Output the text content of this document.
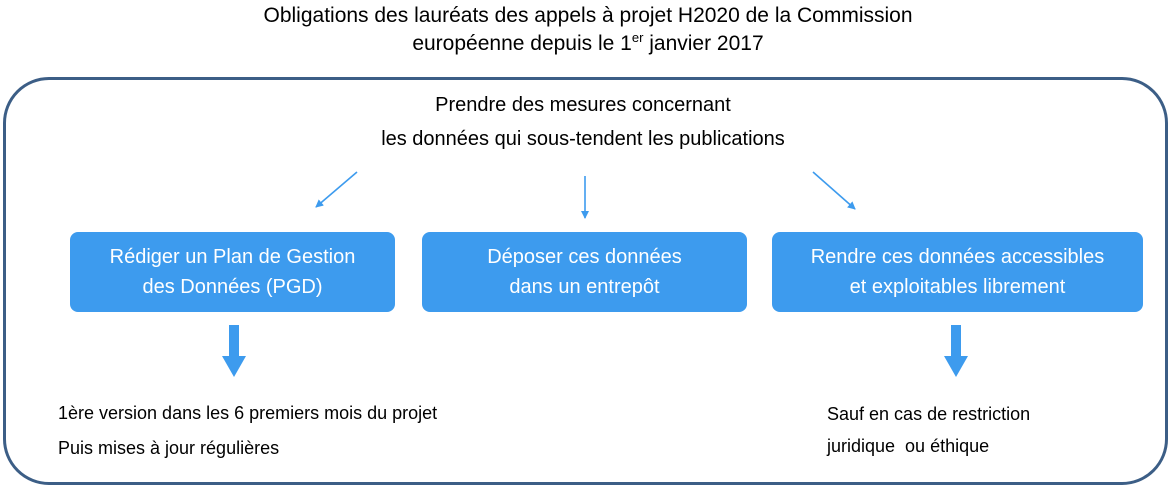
Obligations des lauréats des appels à projet H2020 de la Commission
européenne depuis le 1er janvier 2017
Prendre des mesures concernant
les données qui sous-tendent les publications
Rédiger un Plan de Gestion
des Données (PGD)
Déposer ces données
dans un entrepôt
Rendre ces données accessibles
et exploitables librement
1ère version dans les 6 premiers mois du projet
Puis mises à jour régulières
Sauf en cas de restriction
juridique  ou éthique
